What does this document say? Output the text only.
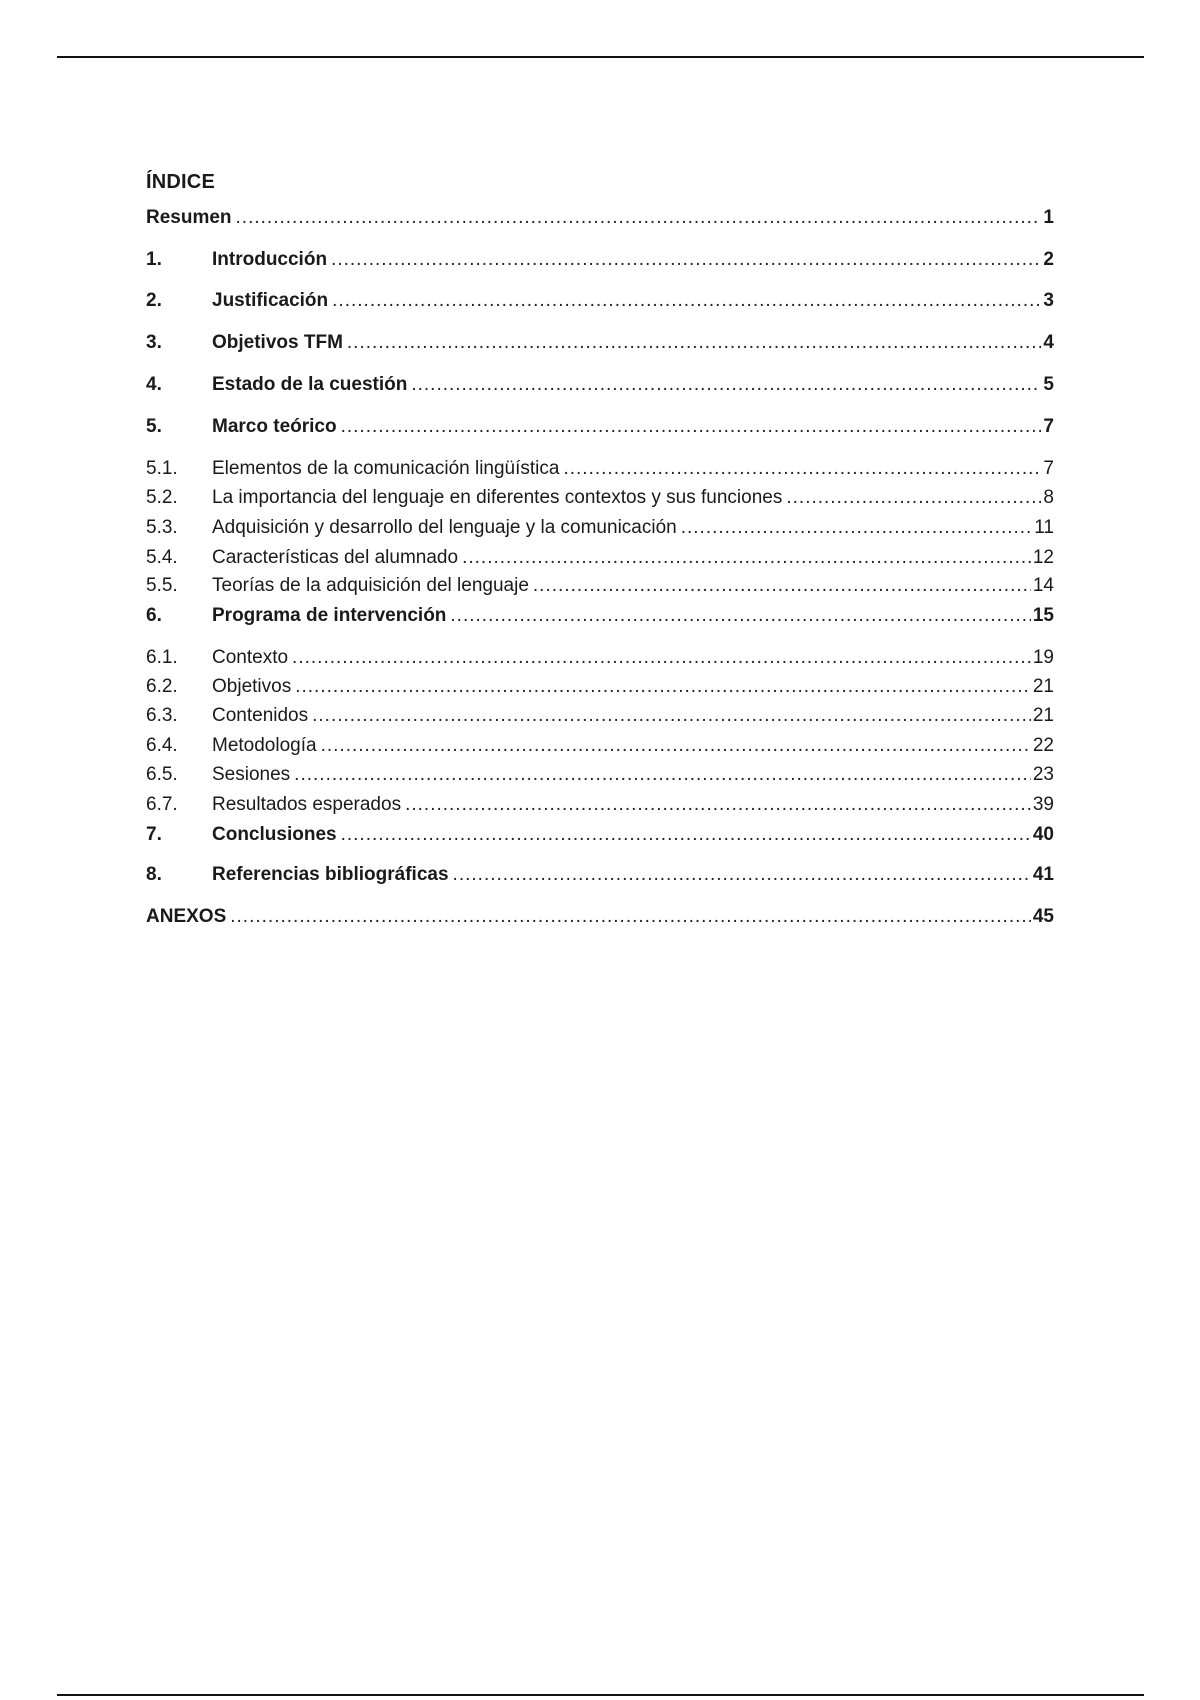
ÍNDICE
Resumen .....	1
1.	Introducción .....	2
2.	Justificación .....	3
3.	Objetivos TFM .....	4
4.	Estado de la cuestión .....	5
5.	Marco teórico .....	7
5.1.	Elementos de la comunicación lingüística .....	7
5.2.	La importancia del lenguaje en diferentes contextos y sus funciones .....	8
5.3.	Adquisición y desarrollo del lenguaje y la comunicación .....	11
5.4.	Características del alumnado .....	12
5.5.	Teorías de la adquisición del lenguaje .....	14
6.	Programa de intervención .....	15
6.1.	Contexto .....	19
6.2.	Objetivos .....	21
6.3.	Contenidos .....	21
6.4.	Metodología .....	22
6.5.	Sesiones .....	23
6.7.	Resultados esperados .....	39
7.	Conclusiones .....	40
8.	Referencias bibliográficas .....	41
ANEXOS .....	45
